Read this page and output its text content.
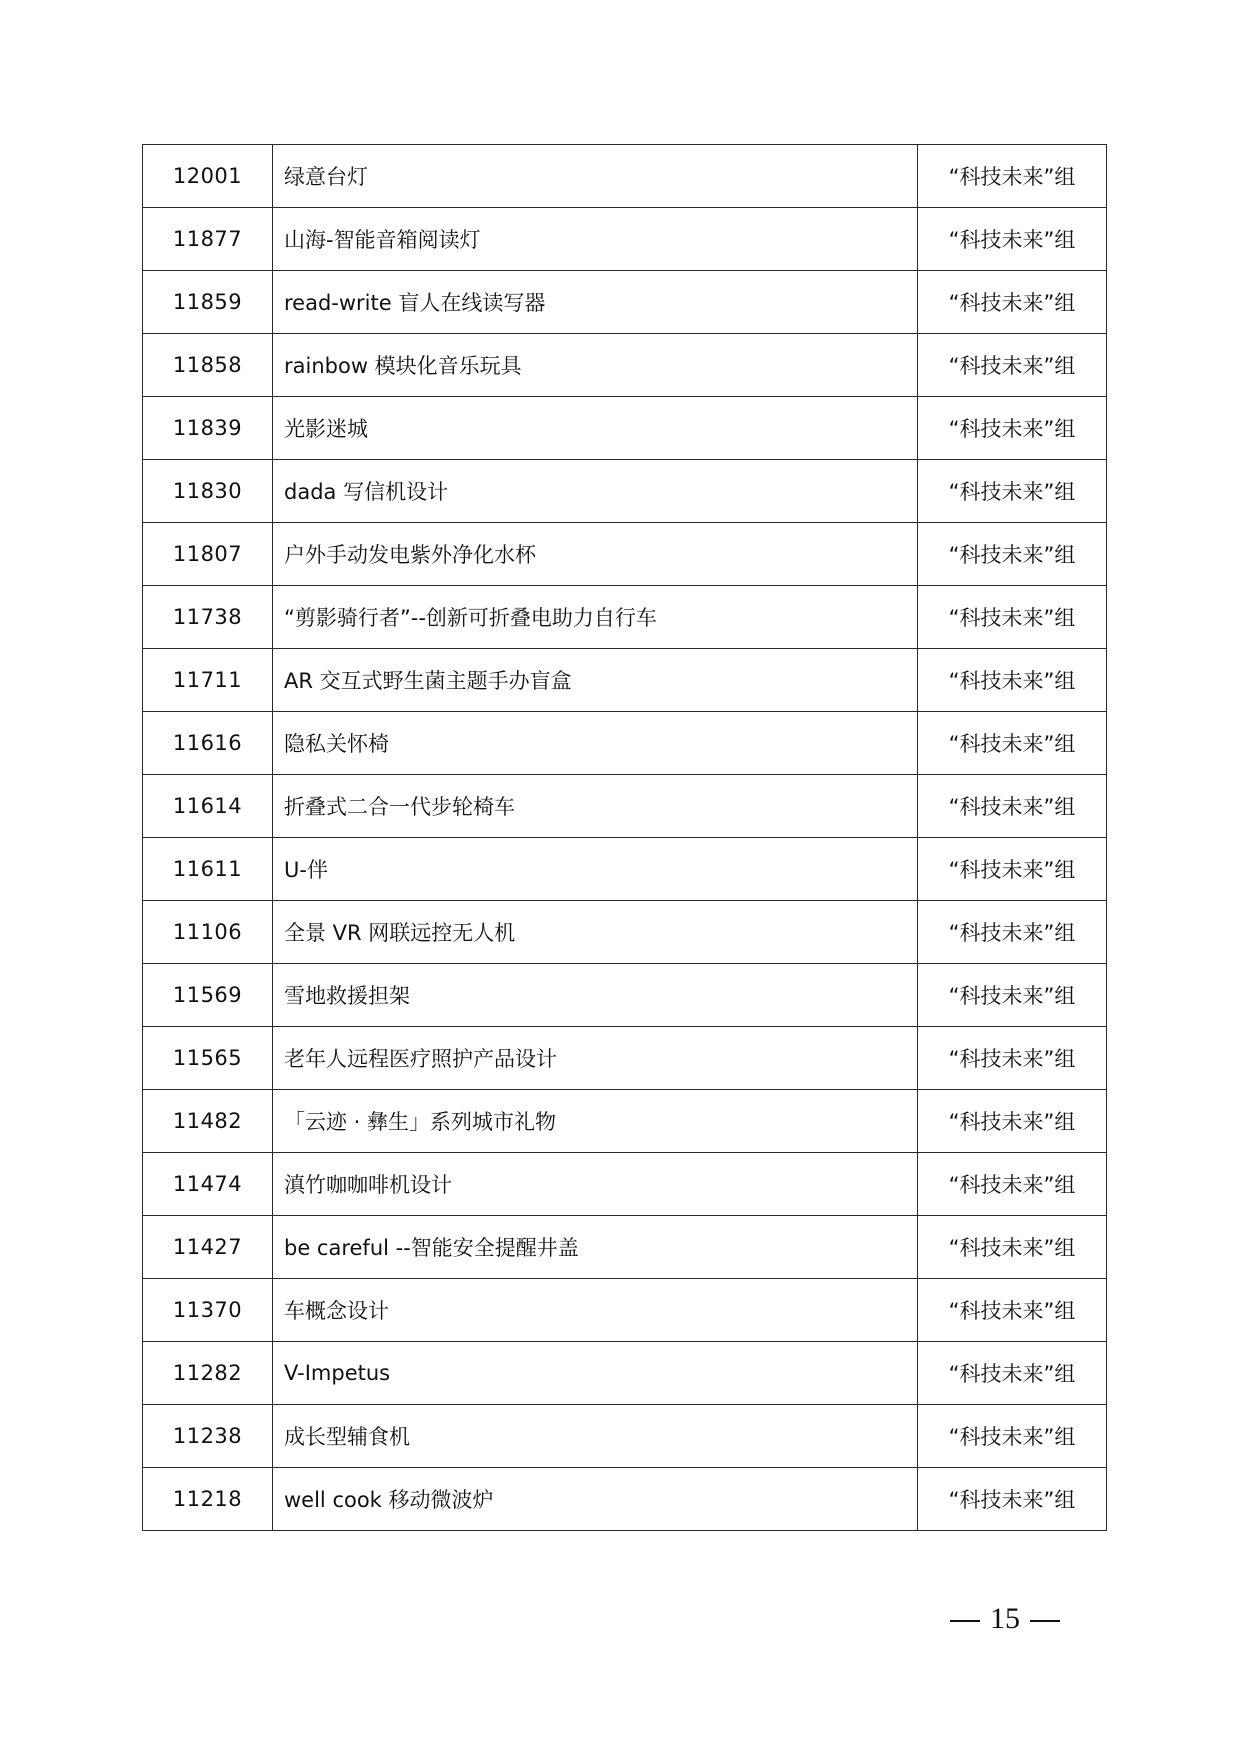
12001	绿意台灯	“科技未来”组
11877	山海-智能音箱阅读灯	“科技未来”组
11859	read-write 盲人在线读写器	“科技未来”组
11858	rainbow 模块化音乐玩具	“科技未来”组
11839	光影迷城	“科技未来”组
11830	dada 写信机设计	“科技未来”组
11807	户外手动发电紫外净化水杯	“科技未来”组
11738	“剪影骑行者”--创新可折叠电助力自行车	“科技未来”组
11711	AR 交互式野生菌主题手办盲盒	“科技未来”组
11616	隐私关怀椅	“科技未来”组
11614	折叠式二合一代步轮椅车	“科技未来”组
11611	U-伴	“科技未来”组
11106	全景 VR 网联远控无人机	“科技未来”组
11569	雪地救援担架	“科技未来”组
11565	老年人远程医疗照护产品设计	“科技未来”组
11482	「云迹 · 彝生」系列城市礼物	“科技未来”组
11474	滇竹咖咖啡机设计	“科技未来”组
11427	be careful --智能安全提醒井盖	“科技未来”组
11370	车概念设计	“科技未来”组
11282	V-Impetus	“科技未来”组
11238	成长型辅食机	“科技未来”组
11218	well cook 移动微波炉	“科技未来”组
15
